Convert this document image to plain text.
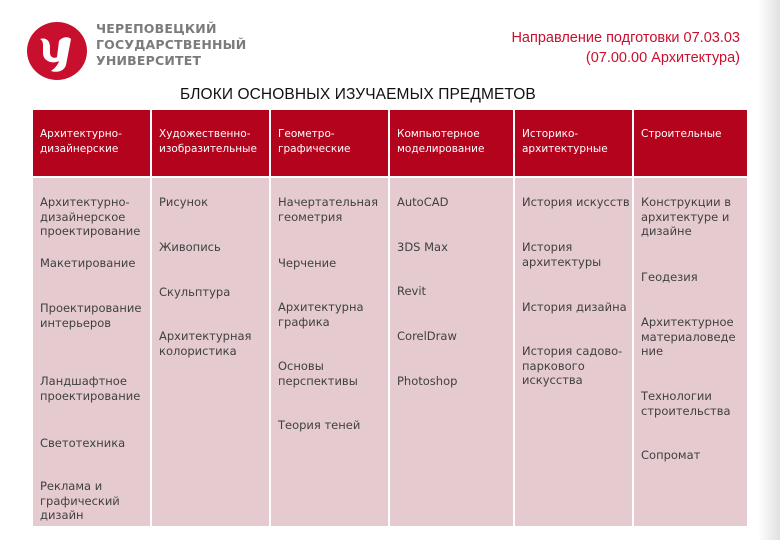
ЧЕРЕПОВЕЦКИЙ
ГОСУДАРСТВЕННЫЙ
УНИВЕРСИТЕТ
Направление подготовки 07.03.03
(07.00.00 Архитектура)
БЛОКИ ОСНОВНЫХ ИЗУЧАЕМЫХ ПРЕДМЕТОВ
Архитектурно-
дизайнерские
Архитектурно-
дизайнерское
проектирование
Макетирование
Проектирование
интерьеров
Ландшафтное
проектирование
Светотехника
Реклама и
графический
дизайн
Художественно-
изобразительные
Рисунок
Живопись
Скульптура
Архитектурная
колористика
Геометро-
графические
Начертательная
геометрия
Черчение
Архитектурна
графика
Основы
перспективы
Теория теней
Компьютерное
моделирование
AutoCAD
3DS Max
Revit
CorelDraw
Photoshop
Историко-
архитектурные
История искусств
История
архитектуры
История дизайна
История садово-
паркового
искусства
Строительные
Конструкции в
архитектуре и
дизайне
Геодезия
Архитектурное
материаловеде
ние
Технологии
строительства
Сопромат
